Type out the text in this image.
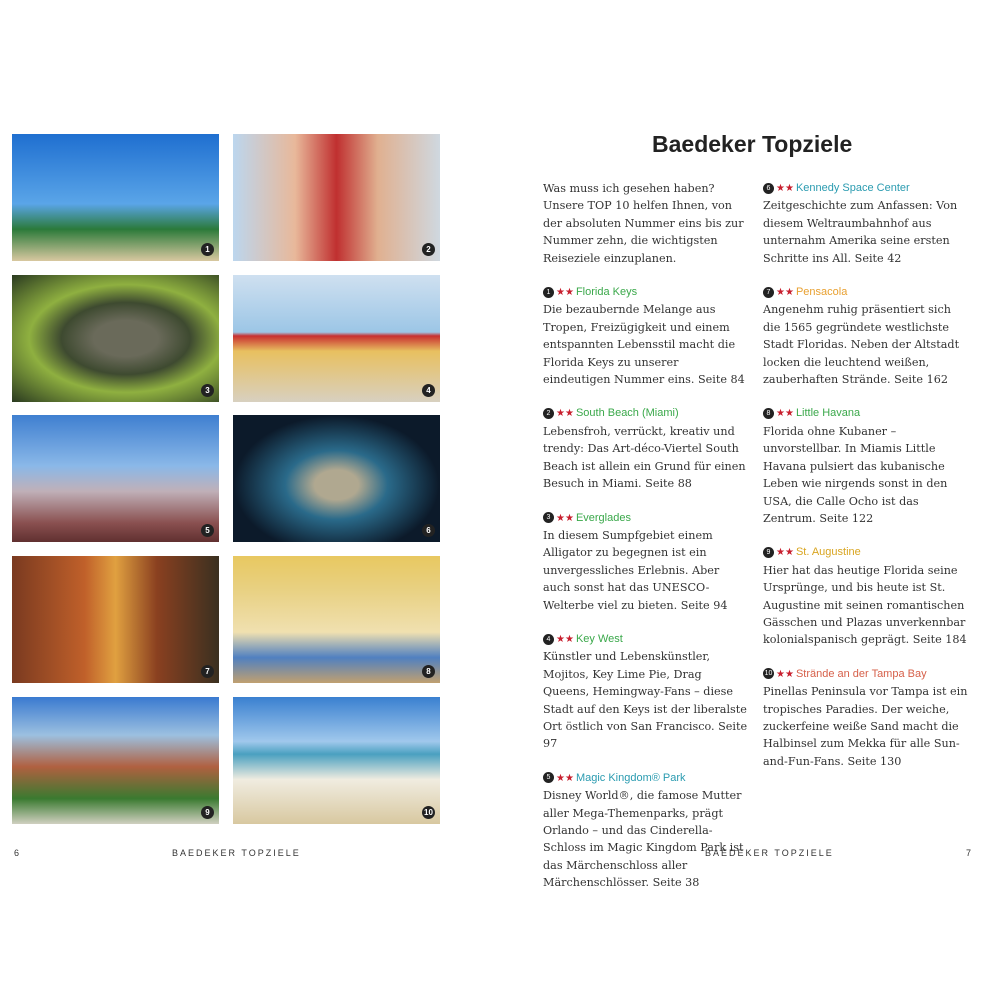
1	2
3	4
5	6
7	8
9	10
6	BAEDEKER TOPZIELE	BAEDEKER TOPZIELE	7
Baedeker Topziele

Was muss ich gesehen haben? Unsere TOP 10 helfen Ihnen, von der absoluten Nummer eins bis zur Nummer zehn, die wichtigsten Reiseziele einzuplanen.

1 ★★ Florida Keys
Die bezaubernde Melange aus Tropen, Freizügigkeit und einem entspannten Lebensstil macht die Florida Keys zu unserer eindeutigen Nummer eins. Seite 84
2 ★★ South Beach (Miami)
Lebensfroh, verrückt, kreativ und trendy: Das Art-déco-Viertel South Beach ist allein ein Grund für einen Besuch in Miami. Seite 88
3 ★★ Everglades
In diesem Sumpfgebiet einem Alligator zu begegnen ist ein unvergessliches Erlebnis. Aber auch sonst hat das UNESCO-Welterbe viel zu bieten. Seite 94
4 ★★ Key West
Künstler und Lebenskünstler, Mojitos, Key Lime Pie, Drag Queens, Hemingway-Fans – diese Stadt auf den Keys ist der liberalste Ort östlich von San Francisco. Seite 97
5 ★★ Magic Kingdom® Park
Disney World®, die famose Mutter aller Mega-Themenparks, prägt Orlando – und das Cinderella-Schloss im Magic Kingdom Park ist das Märchenschloss aller Märchenschlösser. Seite 38
6 ★★ Kennedy Space Center
Zeitgeschichte zum Anfassen: Von diesem Weltraumbahnhof aus unternahm Amerika seine ersten Schritte ins All. Seite 42
7 ★★ Pensacola
Angenehm ruhig präsentiert sich die 1565 gegründete westlichste Stadt Floridas. Neben der Altstadt locken die leuchtend weißen, zauberhaften Strände. Seite 162
8 ★★ Little Havana
Florida ohne Kubaner – unvorstellbar. In Miamis Little Havana pulsiert das kubanische Leben wie nirgends sonst in den USA, die Calle Ocho ist das Zentrum. Seite 122
9 ★★ St. Augustine
Hier hat das heutige Florida seine Ursprünge, und bis heute ist St. Augustine mit seinen romantischen Gässchen und Plazas unverkennbar kolonialspanisch geprägt. Seite 184
10 ★★ Strände an der Tampa Bay
Pinellas Peninsula vor Tampa ist ein tropisches Paradies. Der weiche, zuckerfeine weiße Sand macht die Halbinsel zum Mekka für alle Sun-and-Fun-Fans. Seite 130
